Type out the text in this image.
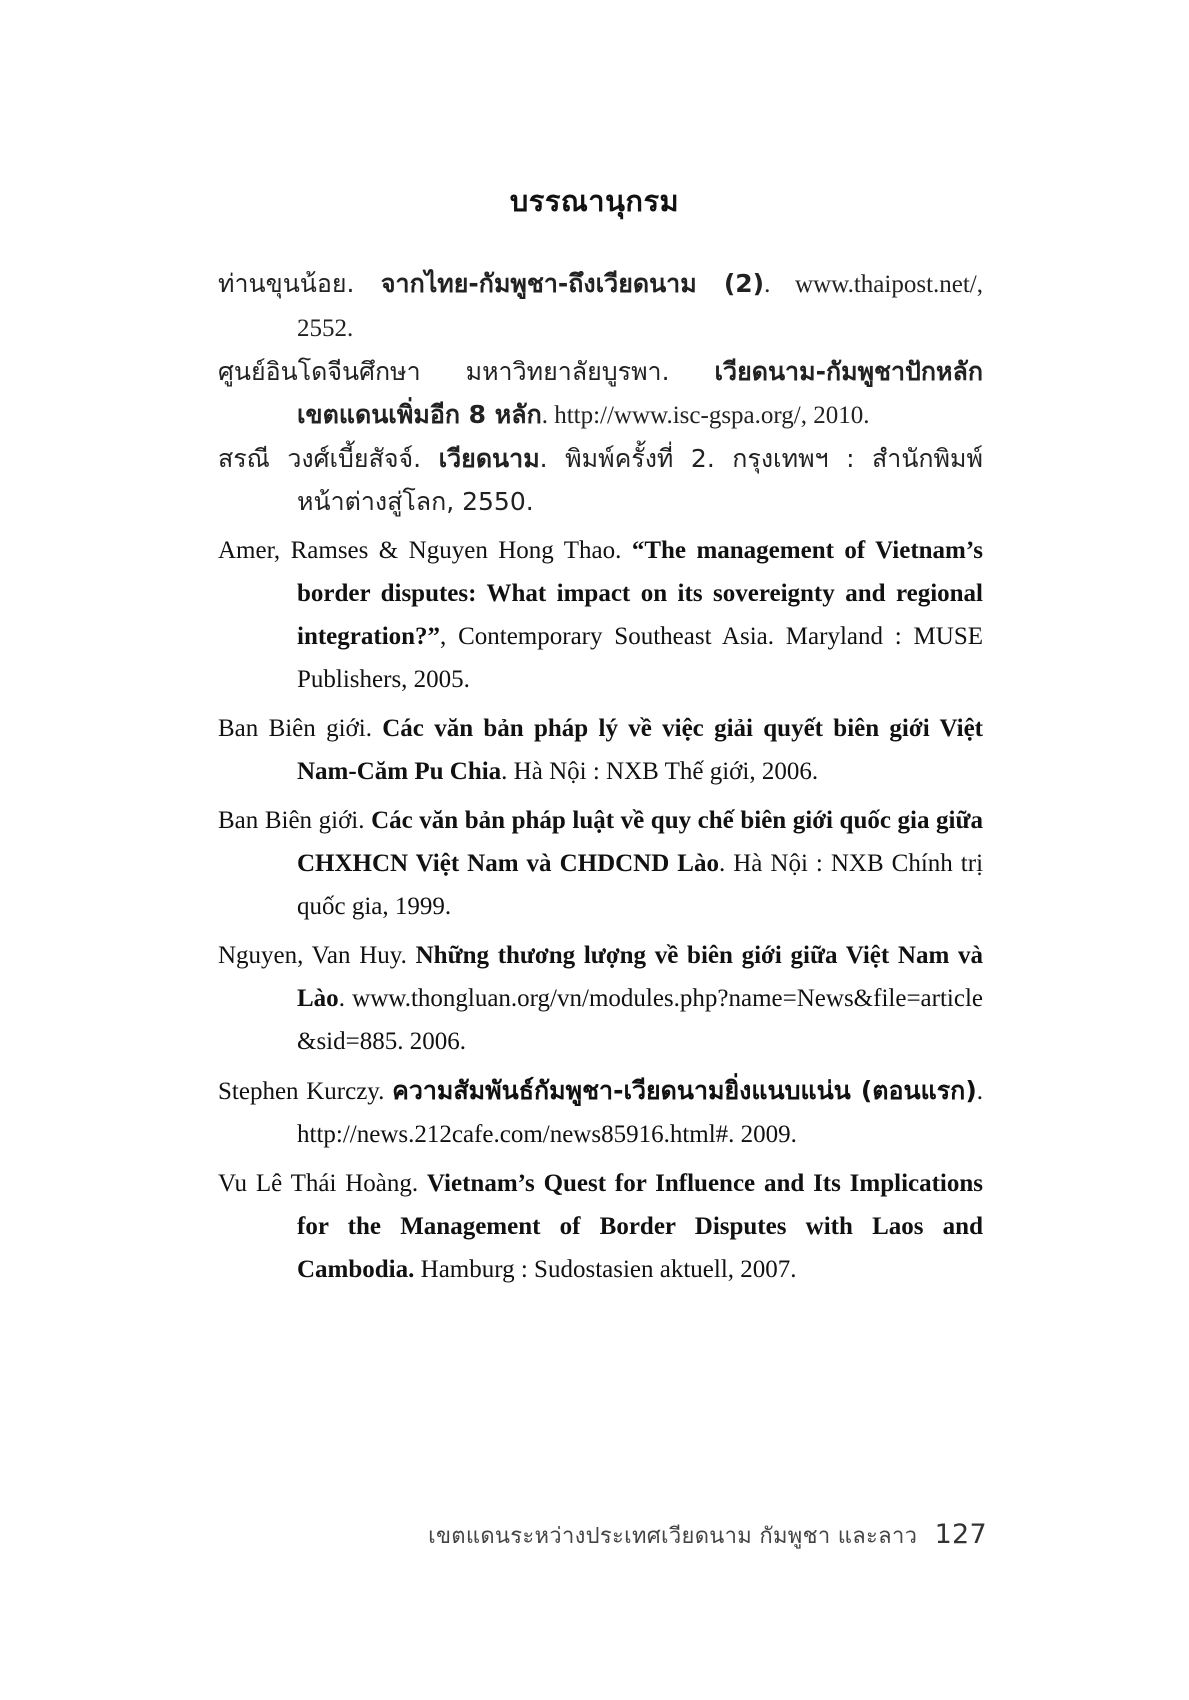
บรรณานุกรม

ท่านขุนน้อย. จากไทย-กัมพูชา-ถึงเวียดนาม (2). www.thaipost.net/, 2552.

ศูนย์อินโดจีนศึกษา มหาวิทยาลัยบูรพา. เวียดนาม-กัมพูชาปักหลักเขตแดนเพิ่มอีก 8 หลัก. http://www.isc-gspa.org/, 2010.

สรณี วงศ์เบี้ยสัจจ์. เวียดนาม. พิมพ์ครั้งที่ 2. กรุงเทพฯ : สำนักพิมพ์หน้าต่างสู่โลก, 2550.

Amer, Ramses & Nguyen Hong Thao. “The management of Vietnam’s border disputes: What impact on its sovereignty and regional integration?”, Contemporary Southeast Asia. Maryland : MUSE Publishers, 2005.

Ban Biên giới. Các văn bản pháp lý về việc giải quyết biên giới Việt Nam-Căm Pu Chia. Hà Nội : NXB Thế giới, 2006.

Ban Biên giới. Các văn bản pháp luật về quy chế biên giới quốc gia giữa CHXHCN Việt Nam và CHDCND Lào. Hà Nội : NXB Chính trị quốc gia, 1999.

Nguyen, Van Huy. Những thương lượng về biên giới giữa Việt Nam và Lào. www.thongluan.org/vn/modules.php?name=News&file=article&sid=885. 2006.

Stephen Kurczy. ความสัมพันธ์กัมพูชา-เวียดนามยิ่งแนบแน่น (ตอนแรก). http://news.212cafe.com/news85916.html#. 2009.

Vu Lê Thái Hoàng. Vietnam’s Quest for Influence and Its Implications for the Management of Border Disputes with Laos and Cambodia. Hamburg : Sudostasien aktuell, 2007.

เขตแดนระหว่างประเทศเวียดนาม กัมพูชา และลาว 127
